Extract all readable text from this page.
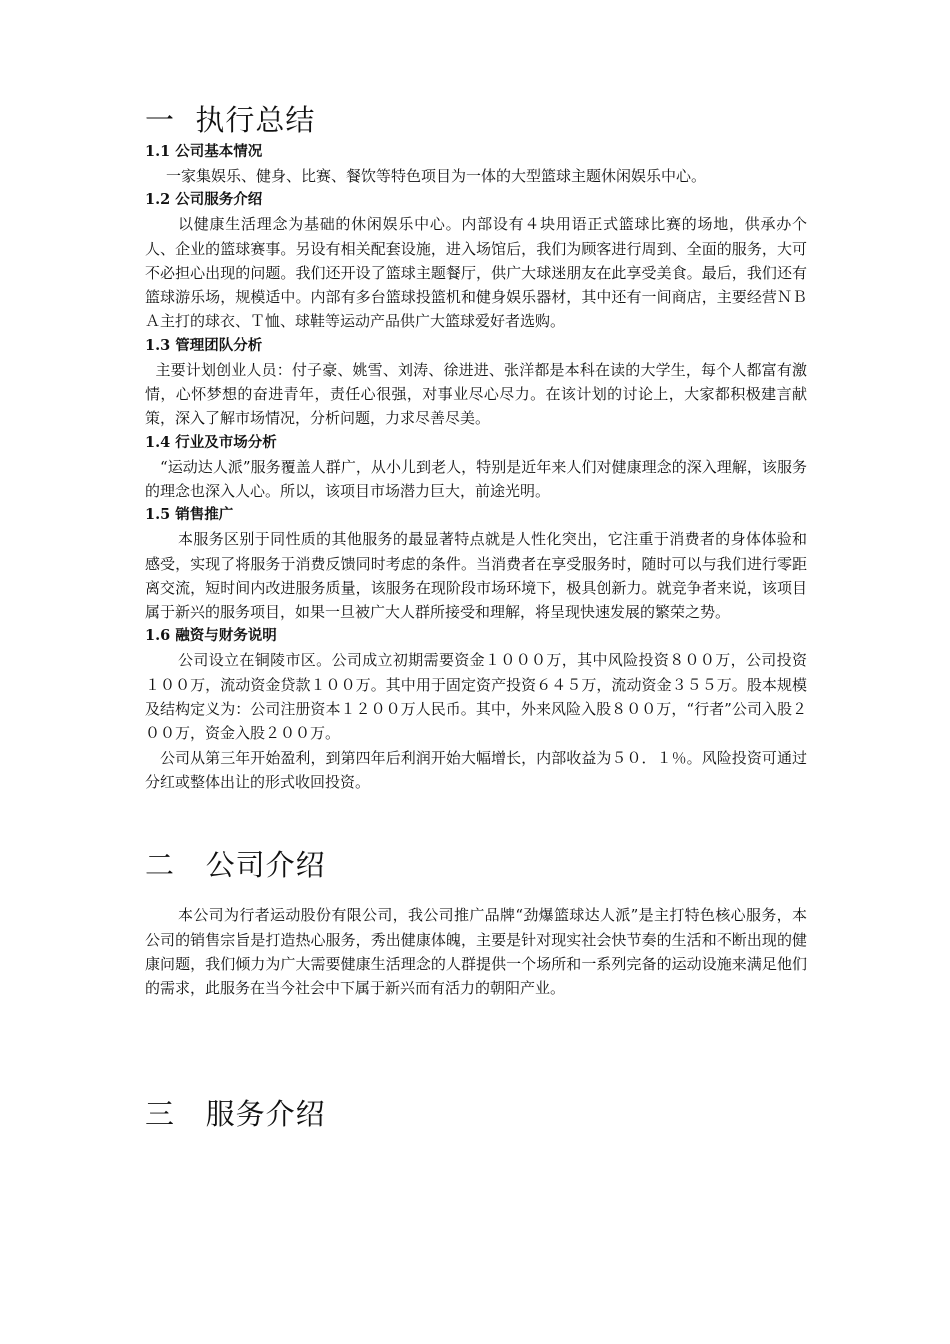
一  执行总结
1.1 公司基本情况

一家集娱乐、健身、比赛、餐饮等特色项目为一体的大型篮球主题休闲娱乐中心。

1.2 公司服务介绍

以健康生活理念为基础的休闲娱乐中心。内部设有４块用语正式篮球比赛的场地，供承办个人、企业的篮球赛事。另设有相关配套设施，进入场馆后，我们为顾客进行周到、全面的服务，大可不必担心出现的问题。我们还开设了篮球主题餐厅，供广大球迷朋友在此享受美食。最后，我们还有篮球游乐场，规模适中。内部有多台篮球投篮机和健身娱乐器材，其中还有一间商店，主要经营ＮＢＡ主打的球衣、Ｔ恤、球鞋等运动产品供广大篮球爱好者选购。

1.3 管理团队分析

主要计划创业人员：付子豪、姚雪、刘涛、徐进进、张洋都是本科在读的大学生，每个人都富有激情，心怀梦想的奋进青年，责任心很强，对事业尽心尽力。在该计划的讨论上，大家都积极建言献策，深入了解市场情况，分析问题，力求尽善尽美。

1.4 行业及市场分析

“运动达人派”服务覆盖人群广，从小儿到老人，特别是近年来人们对健康理念的深入理解，该服务的理念也深入人心。所以，该项目市场潜力巨大，前途光明。

1.5 销售推广

本服务区别于同性质的其他服务的最显著特点就是人性化突出，它注重于消费者的身体体验和感受，实现了将服务于消费反馈同时考虑的条件。当消费者在享受服务时，随时可以与我们进行零距离交流，短时间内改进服务质量，该服务在现阶段市场环境下，极具创新力。就竞争者来说，该项目属于新兴的服务项目，如果一旦被广大人群所接受和理解，将呈现快速发展的繁荣之势。

1.6 融资与财务说明

公司设立在铜陵市区。公司成立初期需要资金１０００万，其中风险投资８００万，公司投资１００万，流动资金贷款１００万。其中用于固定资产投资６４５万，流动资金３５５万。股本规模及结构定义为：公司注册资本１２００万人民币。其中，外来风险入股８００万，“行者”公司入股２００万，资金入股２００万。

公司从第三年开始盈利，到第四年后利润开始大幅增长，内部收益为５０．１％。风险投资可通过分红或整体出让的形式收回投资。

二   公司介绍

本公司为行者运动股份有限公司，我公司推广品牌“劲爆篮球达人派”是主打特色核心服务，本公司的销售宗旨是打造热心服务，秀出健康体魄，主要是针对现实社会快节奏的生活和不断出现的健康问题，我们倾力为广大需要健康生活理念的人群提供一个场所和一系列完备的运动设施来满足他们的需求，此服务在当今社会中下属于新兴而有活力的朝阳产业。

三   服务介绍
